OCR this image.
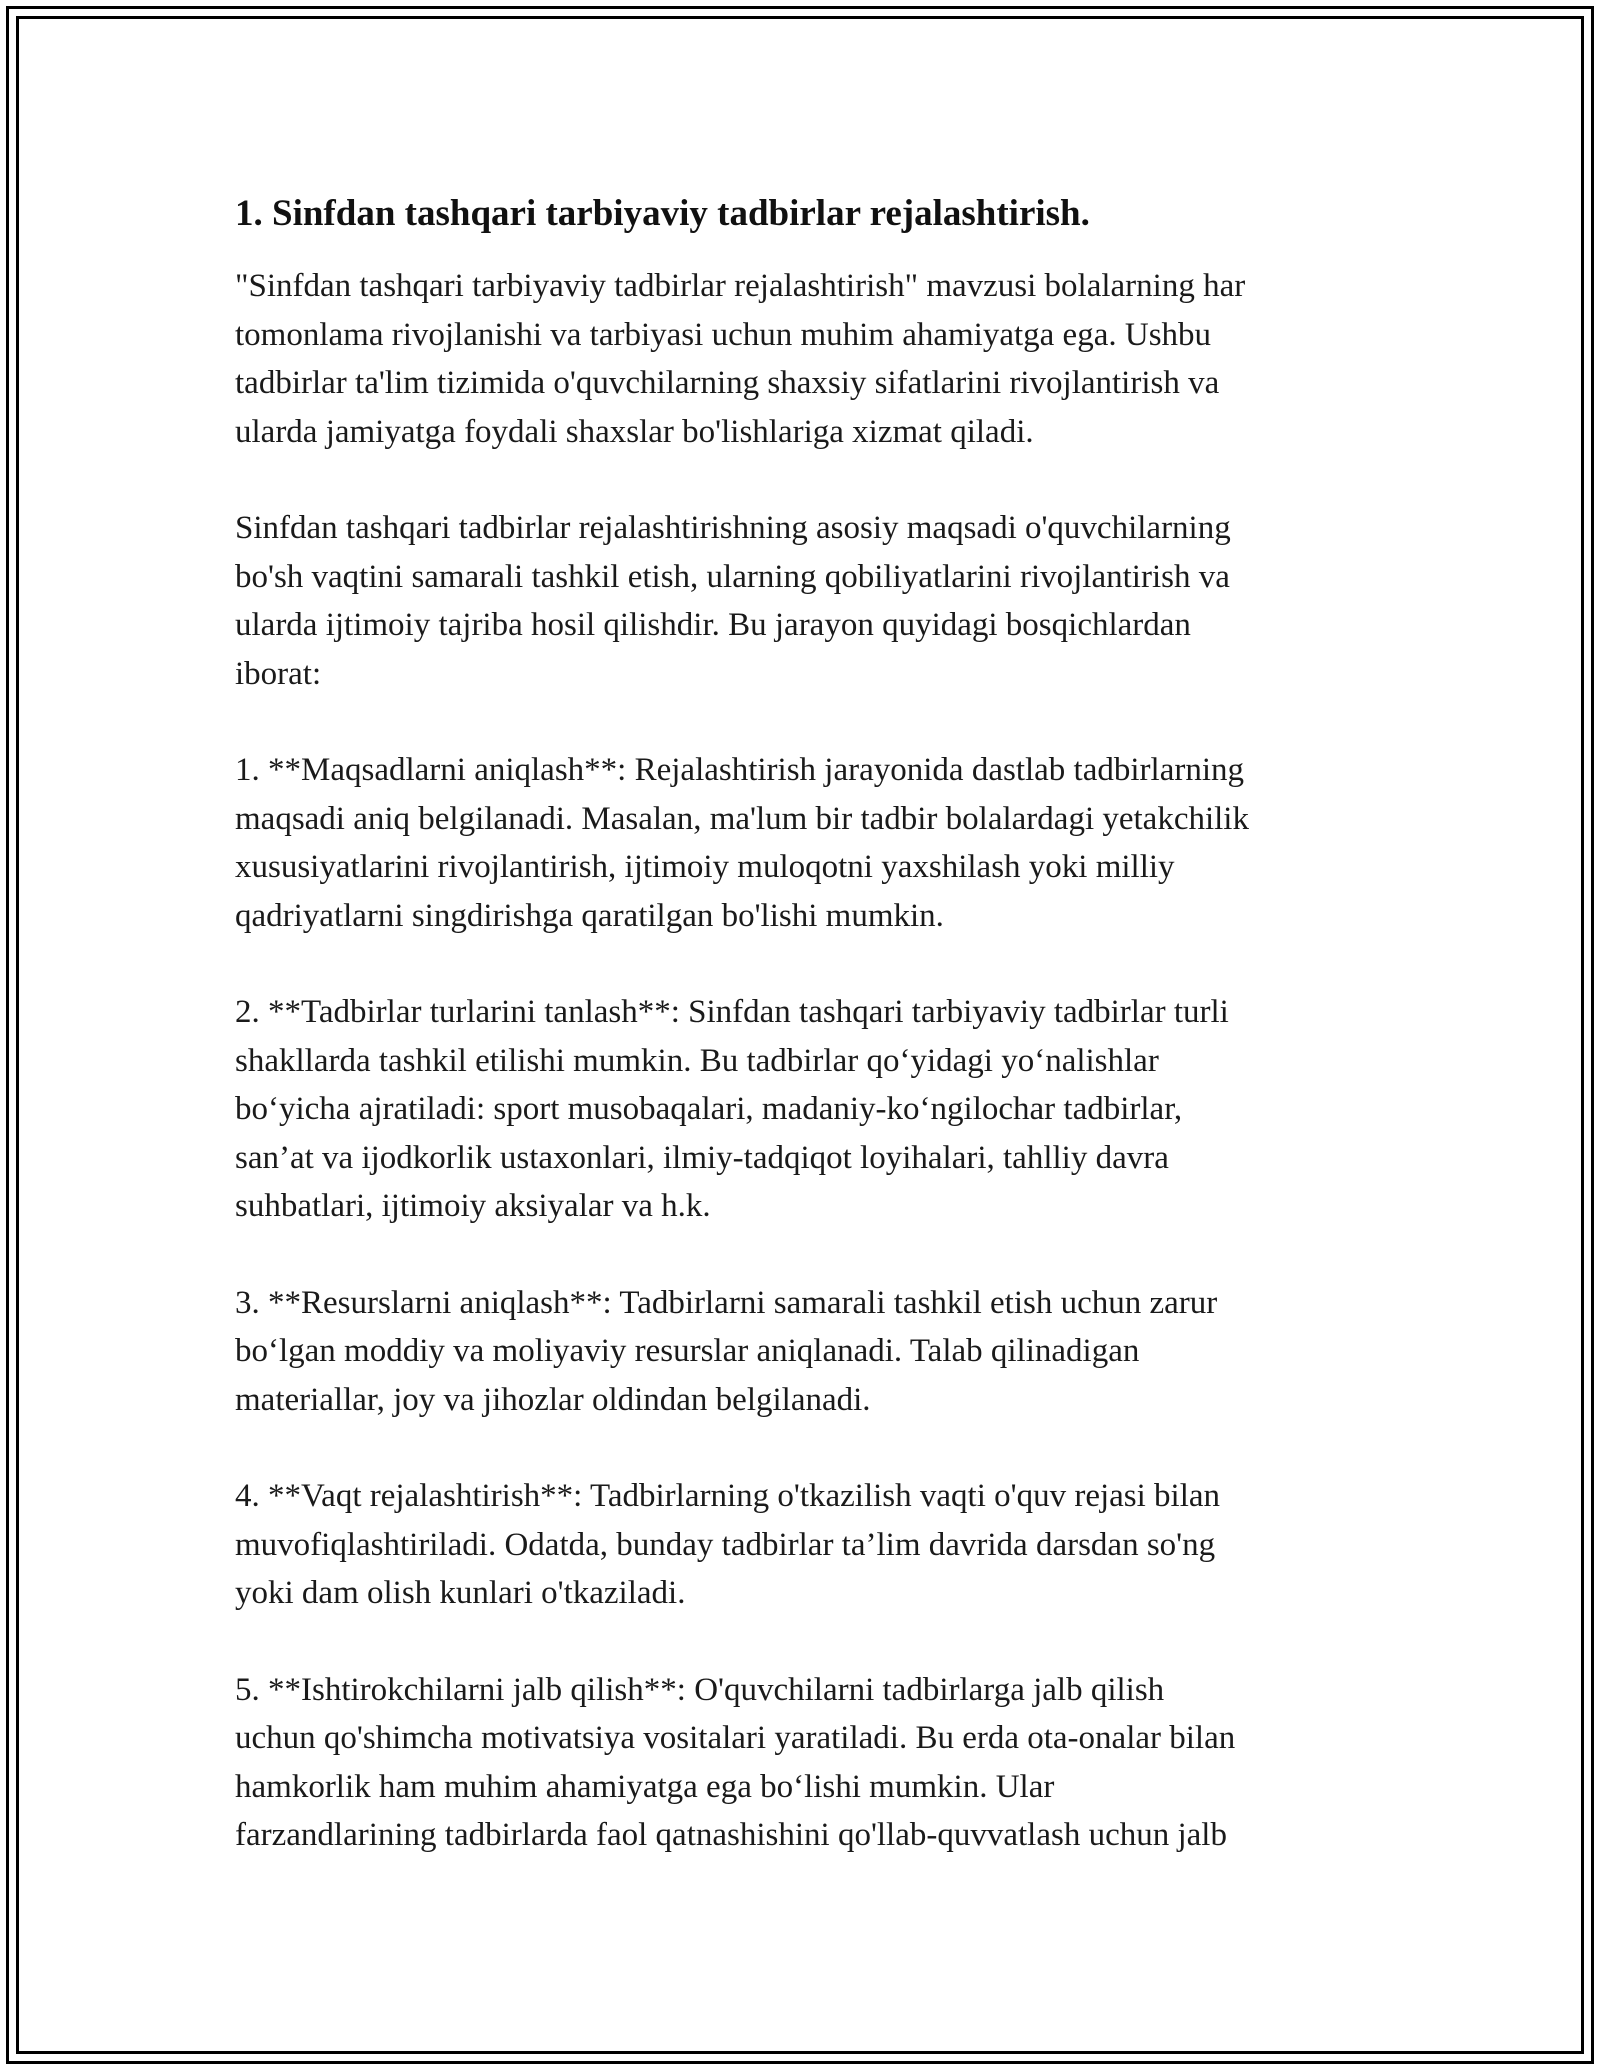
1. Sinfdan tashqari tarbiyaviy tadbirlar rejalashtirish.

"Sinfdan tashqari tarbiyaviy tadbirlar rejalashtirish" mavzusi bolalarning har
tomonlama rivojlanishi va tarbiyasi uchun muhim ahamiyatga ega. Ushbu
tadbirlar ta'lim tizimida o'quvchilarning shaxsiy sifatlarini rivojlantirish va
ularda jamiyatga foydali shaxslar bo'lishlariga xizmat qiladi.

Sinfdan tashqari tadbirlar rejalashtirishning asosiy maqsadi o'quvchilarning
bo'sh vaqtini samarali tashkil etish, ularning qobiliyatlarini rivojlantirish va
ularda ijtimoiy tajriba hosil qilishdir. Bu jarayon quyidagi bosqichlardan
iborat:

1. **Maqsadlarni aniqlash**: Rejalashtirish jarayonida dastlab tadbirlarning
maqsadi aniq belgilanadi. Masalan, ma'lum bir tadbir bolalardagi yetakchilik
xususiyatlarini rivojlantirish, ijtimoiy muloqotni yaxshilash yoki milliy
qadriyatlarni singdirishga qaratilgan bo'lishi mumkin.

2. **Tadbirlar turlarini tanlash**: Sinfdan tashqari tarbiyaviy tadbirlar turli
shakllarda tashkil etilishi mumkin. Bu tadbirlar qo‘yidagi yo‘nalishlar
bo‘yicha ajratiladi: sport musobaqalari, madaniy-ko‘ngilochar tadbirlar,
san’at va ijodkorlik ustaxonlari, ilmiy-tadqiqot loyihalari, tahlliy davra
suhbatlari, ijtimoiy aksiyalar va h.k.

3. **Resurslarni aniqlash**: Tadbirlarni samarali tashkil etish uchun zarur
bo‘lgan moddiy va moliyaviy resurslar aniqlanadi. Talab qilinadigan
materiallar, joy va jihozlar oldindan belgilanadi.

4. **Vaqt rejalashtirish**: Tadbirlarning o'tkazilish vaqti o'quv rejasi bilan
muvofiqlashtiriladi. Odatda, bunday tadbirlar ta’lim davrida darsdan so'ng
yoki dam olish kunlari o'tkaziladi.

5. **Ishtirokchilarni jalb qilish**: O'quvchilarni tadbirlarga jalb qilish
uchun qo'shimcha motivatsiya vositalari yaratiladi. Bu erda ota-onalar bilan
hamkorlik ham muhim ahamiyatga ega bo‘lishi mumkin. Ular
farzandlarining tadbirlarda faol qatnashishini qo'llab-quvvatlash uchun jalb
